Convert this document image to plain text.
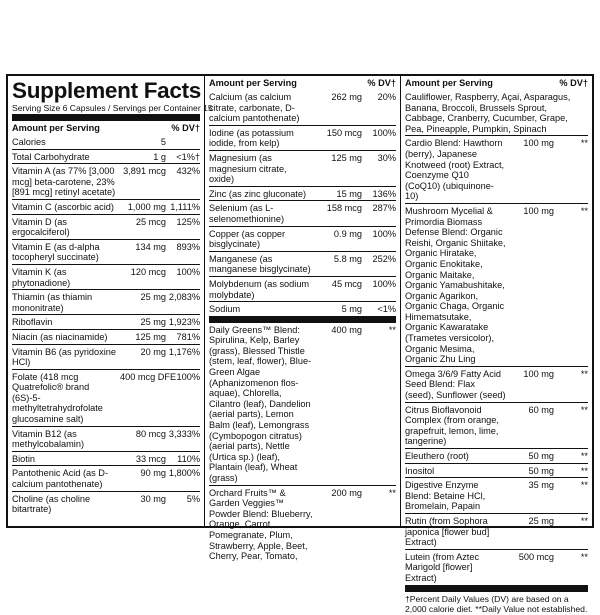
Supplement Facts
Serving Size 6 Capsules / Servings per Container 15
Amount per Serving	% DV†
Calories	5
Total Carbohydrate	1 g	<1%†
Vitamin A (as 77% [3,000 mcg] beta-carotene, 23% [891 mcg] retinyl acetate)
3,891 mcg	432%
Vitamin C (ascorbic acid)	1,000 mg 1,111%
Vitamin D (as ergocalciferol)
25 mcg	125%
Vitamin E (as d-alpha tocopheryl succinate)
134 mg	893%
Vitamin K (as phytonadione)
120 mcg	100%
Thiamin (as thiamin mononitrate)
25 mg 2,083%
Riboflavin	25 mg 1,923%
Niacin (as niacinamide)	125 mg	781%
Vitamin B6 (as pyridoxine HCl)
20 mg 1,176%
Folate (418 mcg Quatrefolic® brand (6S)-5-methyltetrahydrofolate glucosamine salt)
400 mcg DFE 100%
Vitamin B12 (as methylcobalamin)
80 mcg 3,333%
Biotin	33 mcg	110%
Pantothenic Acid (as D-calcium pantothenate)
90 mg 1,800%
Choline (as choline bitartrate)
30 mg	5%
Amount per Serving	% DV†
Calcium (as calcium citrate, carbonate, D-calcium pantothenate)
262 mg	20%
Iodine (as potassium iodide, from kelp)
150 mcg	100%
Magnesium (as magnesium citrate, oxide)
125 mg	30%
Zinc (as zinc gluconate)	15 mg	136%
Selenium (as L-selenomethionine)
158 mcg	287%
Copper (as copper bisglycinate)
0.9 mg	100%
Manganese (as manganese bisglycinate)
5.8 mg	252%
Molybdenum (as sodium molybdate)
45 mcg	100%
Sodium	5 mg	<1%
Daily Greens™ Blend: Spirulina, Kelp, Barley (grass), Blessed Thistle (stem, leaf, flower), Blue-Green Algae (Aphanizomenon flos-aquae), Chlorella, Cilantro (leaf), Dandelion (aerial parts), Lemon Balm (leaf), Lemongrass (Cymbopogon citratus) (aerial parts), Nettle (Urtica sp.) (leaf), Plantain (leaf), Wheat (grass)
400 mg	**
Orchard Fruits™ & Garden Veggies™ Powder Blend: Blueberry, Orange, Carrot, Pomegranate, Plum, Strawberry, Apple, Beet, Cherry, Pear, Tomato,
200 mg	**
Amount per Serving	% DV†
Cauliflower, Raspberry, Açai, Asparagus, Banana, Broccoli, Brussels Sprout, Cabbage, Cranberry, Cucumber, Grape, Pea, Pineapple, Pumpkin, Spinach
Cardio Blend: Hawthorn (berry), Japanese Knotweed (root) Extract, Coenzyme Q10 (CoQ10) (ubiquinone-10)
100 mg	**
Mushroom Mycelial & Primordia Biomass Defense Blend: Organic Reishi, Organic Shiitake, Organic Hiratake, Organic Enokitake, Organic Maitake, Organic Yamabushitake, Organic Agarikon, Organic Chaga, Organic Himematsutake, Organic Kawaratake (Trametes versicolor), Organic Mesima, Organic Zhu Ling
100 mg	**
Omega 3/6/9 Fatty Acid Seed Blend: Flax (seed), Sunflower (seed)
100 mg	**
Citrus Bioflavonoid Complex (from orange, grapefruit, lemon, lime, tangerine)
60 mg	**
Eleuthero (root)	50 mg	**
Inositol	50 mg	**
Digestive Enzyme Blend: Betaine HCl, Bromelain, Papain
35 mg	**
Rutin (from Sophora japonica [flower bud] Extract)
25 mg	**
Lutein (from Aztec Marigold [flower] Extract)
500 mcg	**
†Percent Daily Values (DV) are based on a 2,000 calorie diet. **Daily Value not established.
